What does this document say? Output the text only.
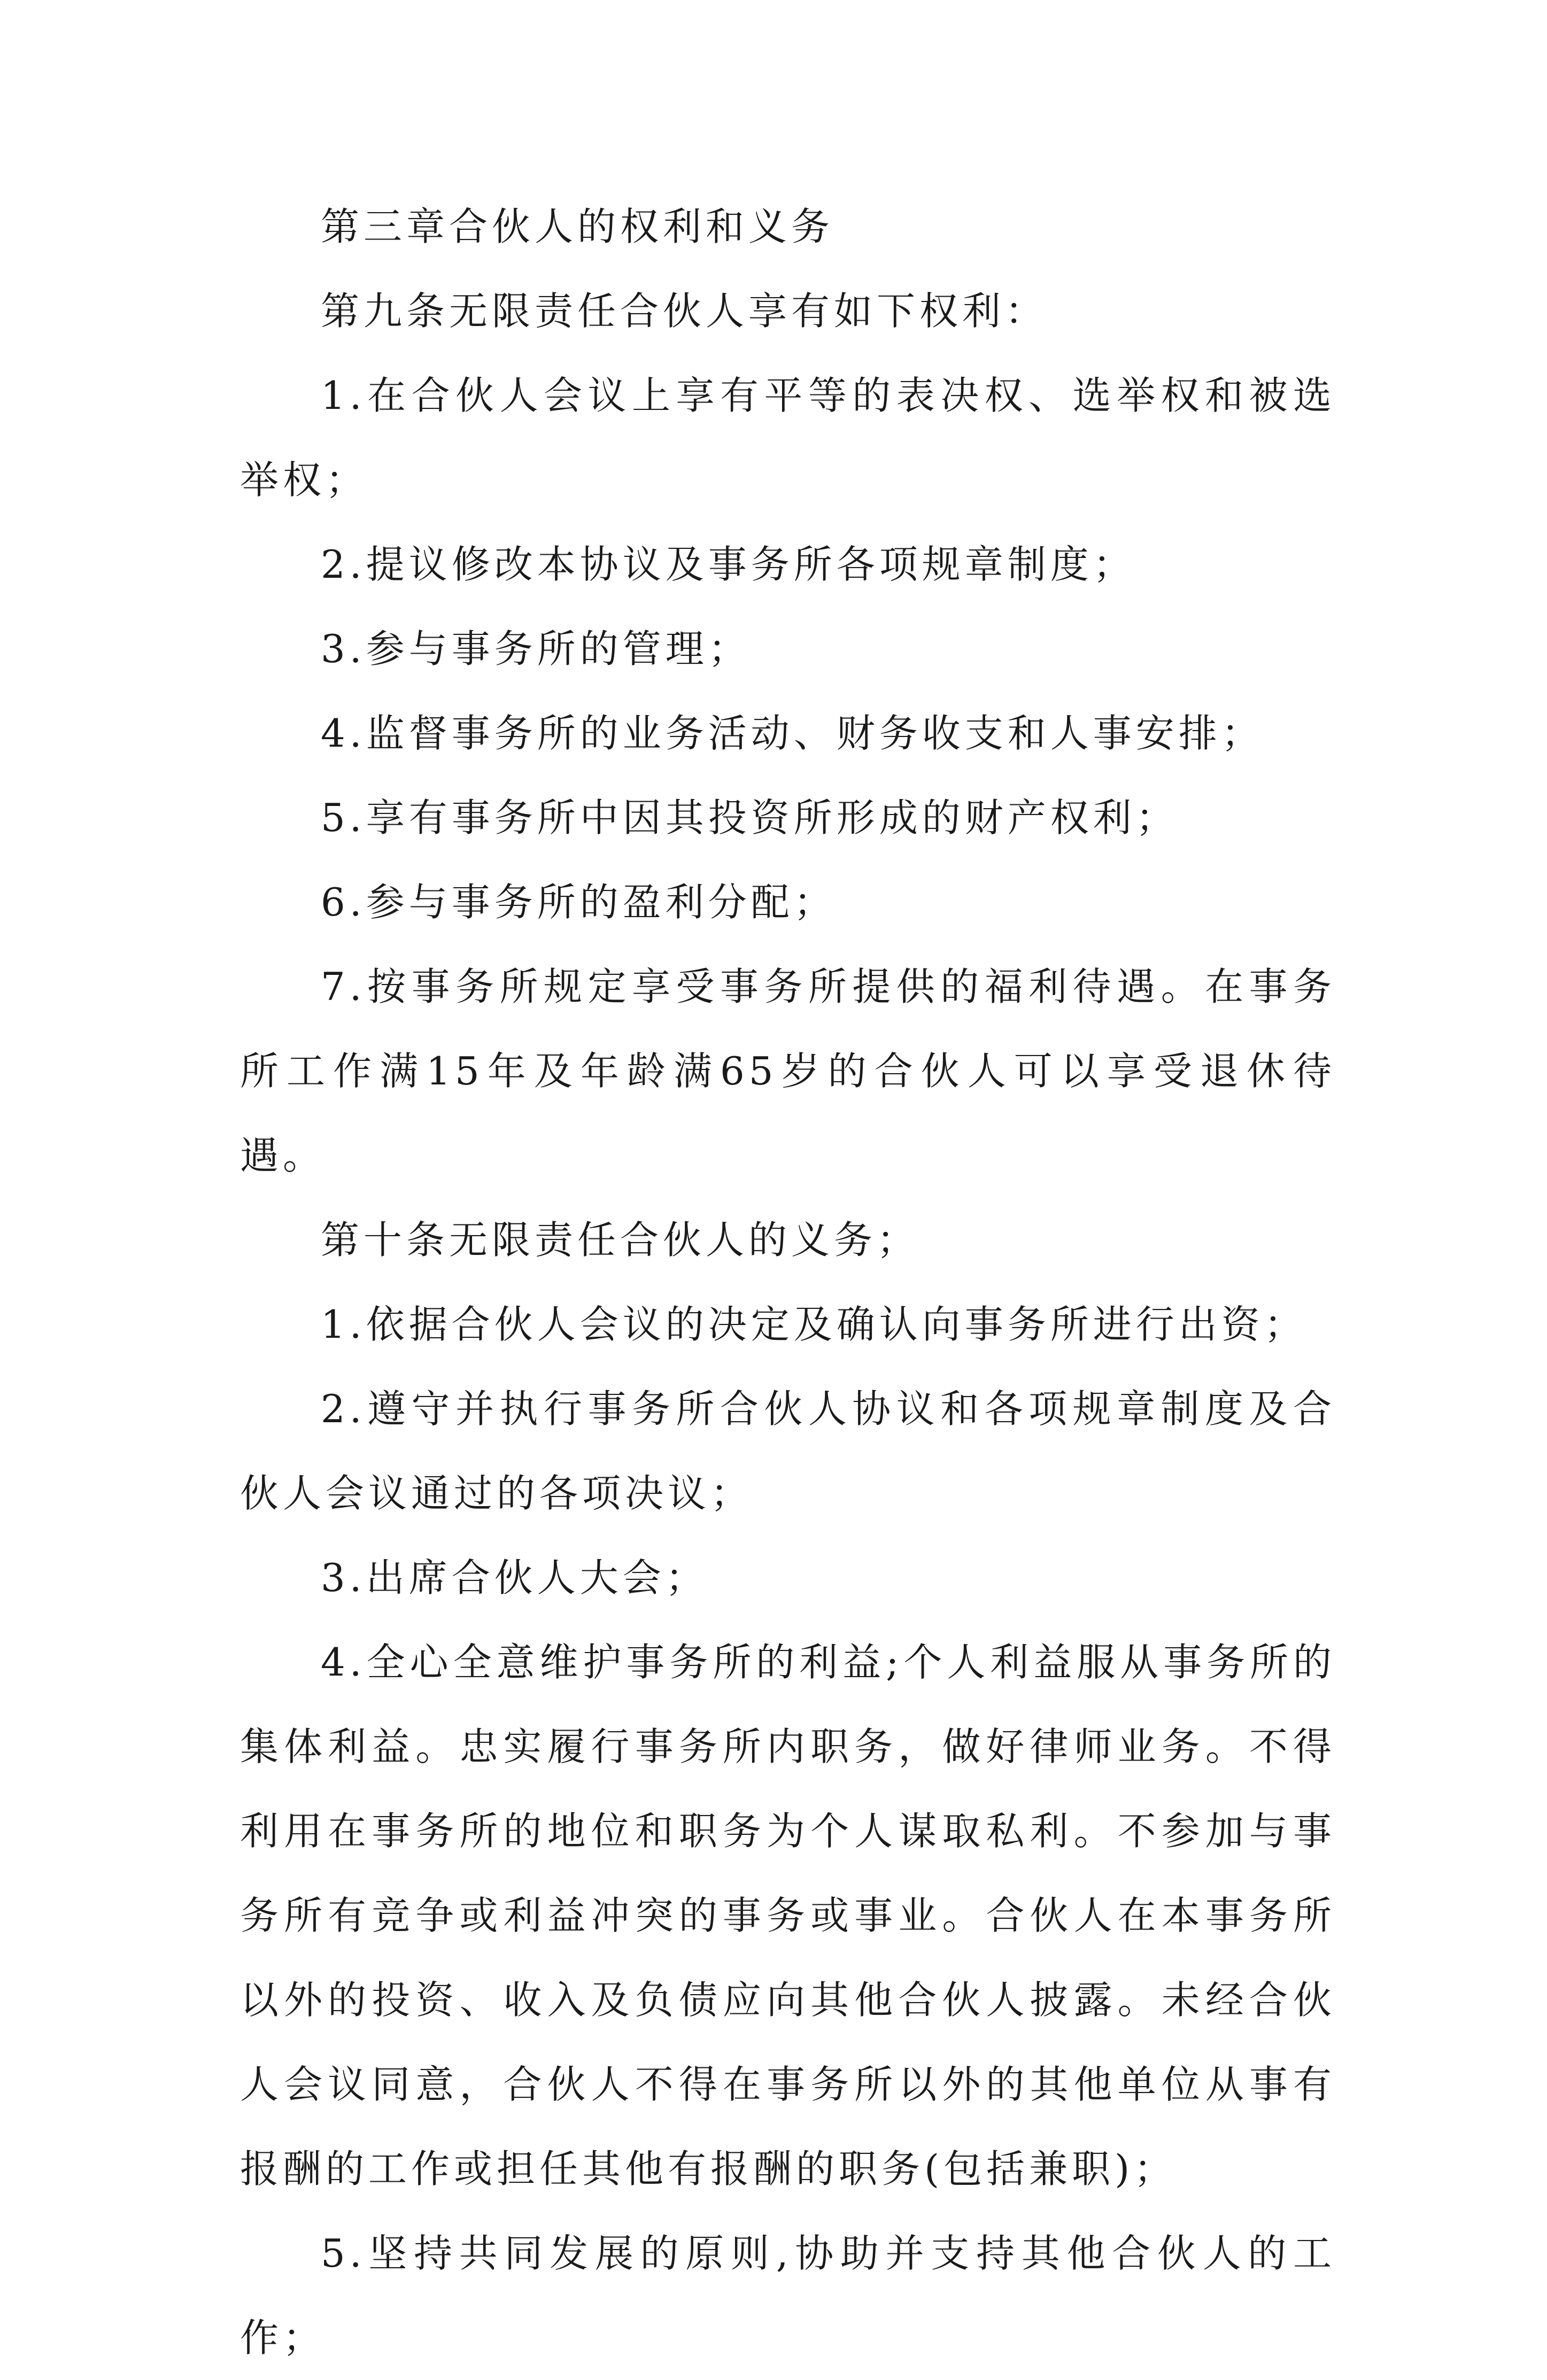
第三章合伙人的权利和义务

第九条无限责任合伙人享有如下权利：

1.在合伙人会议上享有平等的表决权、选举权和被选举权；

2.提议修改本协议及事务所各项规章制度；

3.参与事务所的管理；

4.监督事务所的业务活动、财务收支和人事安排；

5.享有事务所中因其投资所形成的财产权利；

6.参与事务所的盈利分配；

7.按事务所规定享受事务所提供的福利待遇。在事务所工作满15年及年龄满65岁的合伙人可以享受退休待遇。

第十条无限责任合伙人的义务；

1.依据合伙人会议的决定及确认向事务所进行出资；

2.遵守并执行事务所合伙人协议和各项规章制度及合伙人会议通过的各项决议；

3.出席合伙人大会；

4.全心全意维护事务所的利益;个人利益服从事务所的集体利益。忠实履行事务所内职务，做好律师业务。不得利用在事务所的地位和职务为个人谋取私利。不参加与事务所有竞争或利益冲突的事务或事业。合伙人在本事务所以外的投资、收入及负债应向其他合伙人披露。未经合伙人会议同意，合伙人不得在事务所以外的其他单位从事有报酬的工作或担任其他有报酬的职务(包括兼职)；

5.坚持共同发展的原则,协助并支持其他合伙人的工作；
